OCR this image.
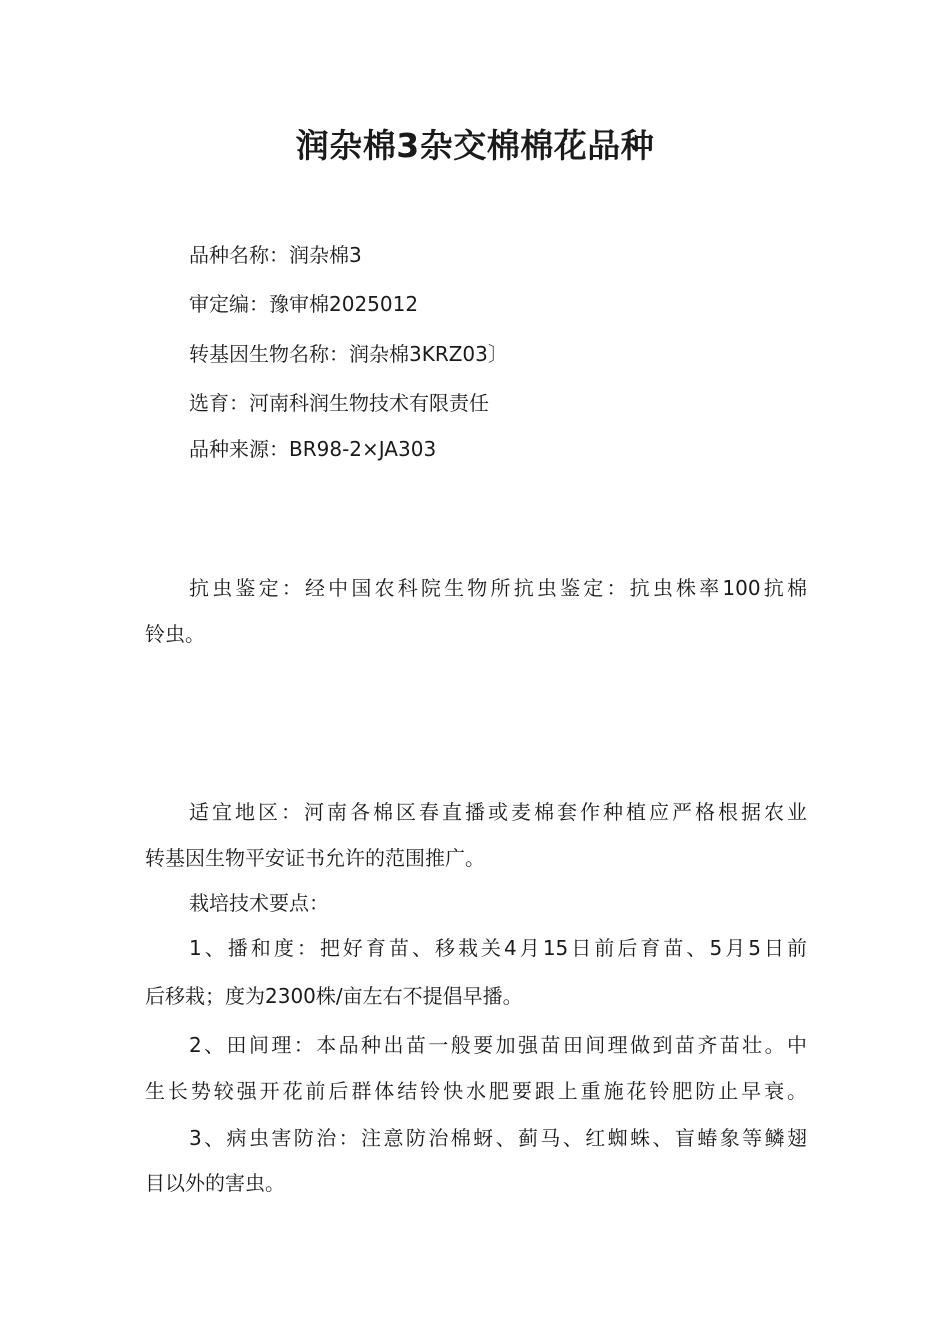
润杂棉3杂交棉棉花品种
品种名称：润杂棉3
审定编：豫审棉2025012
转基因生物名称：润杂棉3KRZ03〕
选育：河南科润生物技术有限责任
品种来源：BR98-2×JA303
抗虫鉴定：经中国农科院生物所抗虫鉴定：抗虫株率100抗棉
铃虫。
适宜地区：河南各棉区春直播或麦棉套作种植应严格根据农业
转基因生物平安证书允许的范围推广。
栽培技术要点：
1、播和度：把好育苗、移栽关4月15日前后育苗、5月5日前
后移栽；度为2300株/亩左右不提倡早播。
2、田间理：本品种出苗一般要加强苗田间理做到苗齐苗壮。中
生长势较强开花前后群体结铃快水肥要跟上重施花铃肥防止早衰。
3、病虫害防治：注意防治棉蚜、蓟马、红蜘蛛、盲蝽象等鳞翅
目以外的害虫。
